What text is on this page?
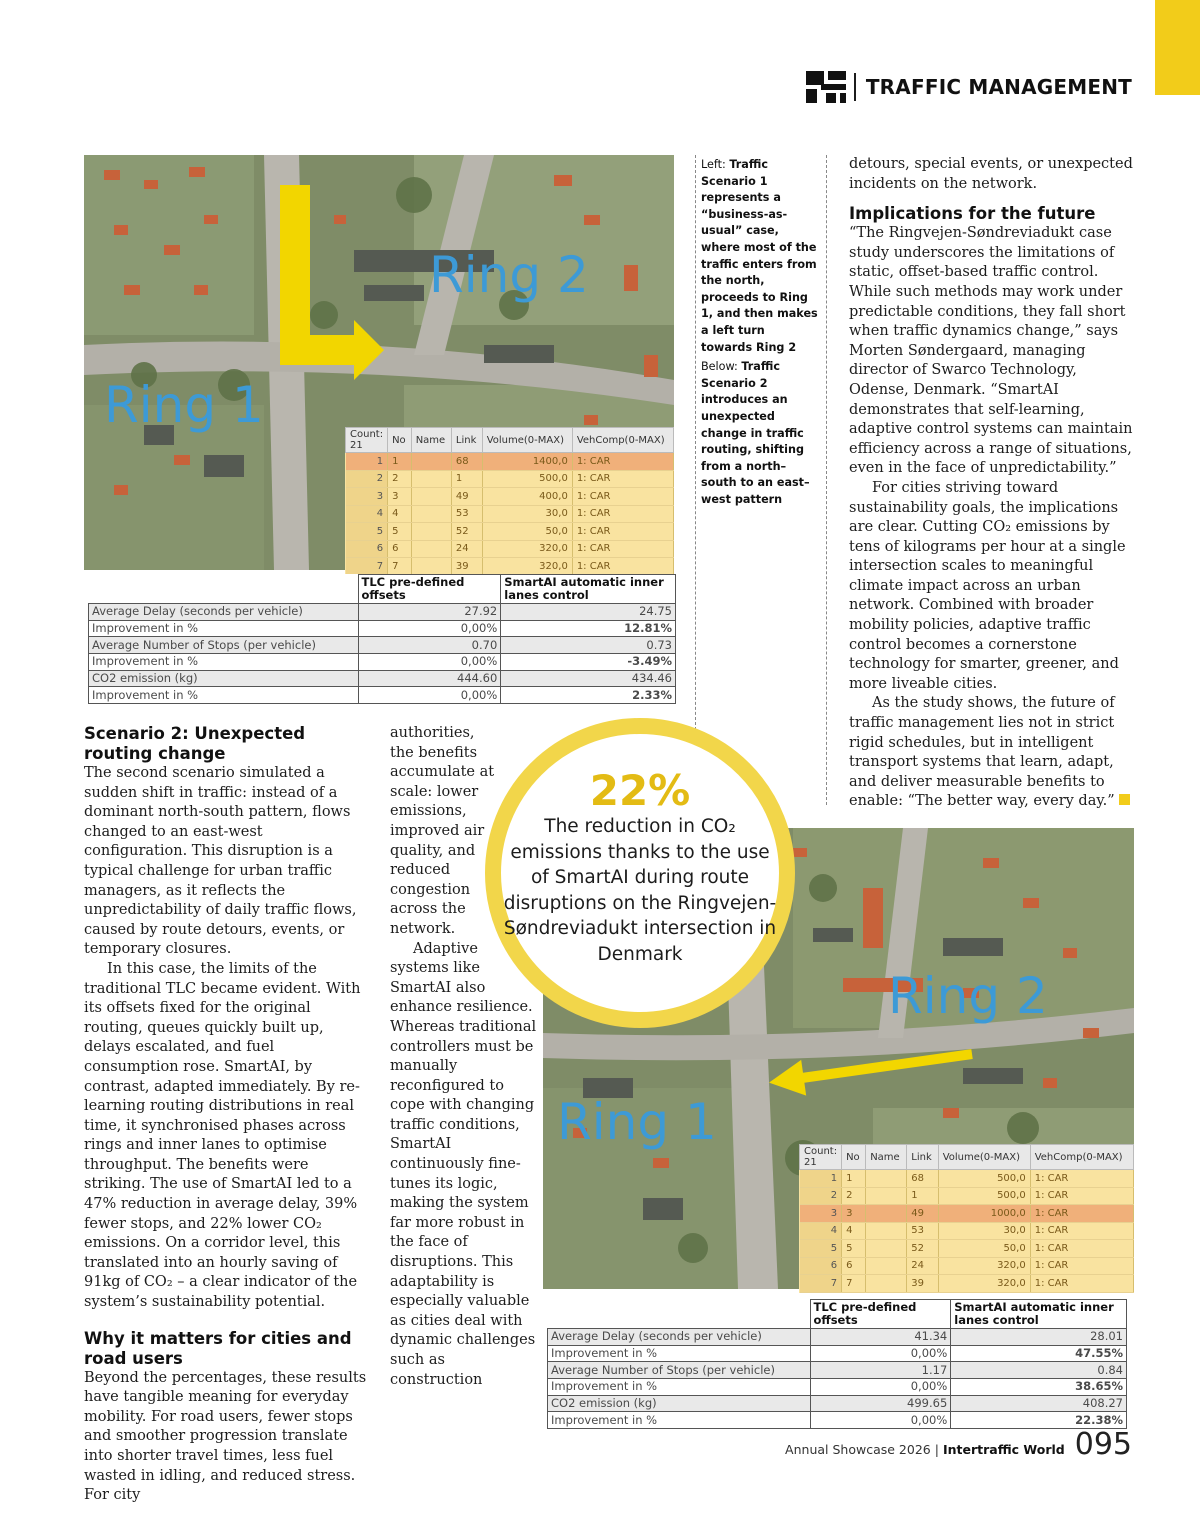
TRAFFIC MANAGEMENT
Ring 2
Ring 1
Count: 21	No	Name	Link	Volume(0-MAX)	VehComp(0-MAX)
1	1		68	1400,0	1: CAR
2	2		1	500,0	1: CAR
3	3		49	400,0	1: CAR
4	4		53	30,0	1: CAR
5	5		52	50,0	1: CAR
6	6		24	320,0	1: CAR
7	7		39	320,0	1: CAR
	TLC pre-defined offsets	SmartAI automatic inner lanes control
Average Delay (seconds per vehicle)	27.92	24.75
Improvement in %	0,00%	12.81%
Average Number of Stops (per vehicle)	0.70	0.73
Improvement in %	0,00%	-3.49%
CO2 emission (kg)	444.60	434.46
Improvement in %	0,00%	2.33%

Left: Traffic Scenario 1 represents a “business-as-usual” case, where most of the traffic enters from the north, proceeds to Ring 1, and then makes a left turn towards Ring 2

Below: Traffic Scenario 2 introduces an unexpected change in traffic routing, shifting from a north–south to an east–west pattern

Scenario 2: Unexpected routing change

The second scenario simulated a sudden shift in traffic: instead of a dominant north-south pattern, flows changed to an east-west configuration. This disruption is a typical challenge for urban traffic managers, as it reflects the unpredictability of daily traffic flows, caused by route detours, events, or temporary closures.

In this case, the limits of the traditional TLC became evident. With its offsets fixed for the original routing, queues quickly built up, delays escalated, and fuel consumption rose. SmartAI, by contrast, adapted immediately. By re-learning routing distributions in real time, it synchronised phases across rings and inner lanes to optimise throughput. The benefits were striking. The use of SmartAI led to a 47% reduction in average delay, 39% fewer stops, and 22% lower CO₂ emissions. On a corridor level, this translated into an hourly saving of 91kg of CO₂ – a clear indicator of the system’s sustainability potential.

Why it matters for cities and road users

Beyond the percentages, these results have tangible meaning for everyday mobility. For road users, fewer stops and smoother progression translate into shorter travel times, less fuel wasted in idling, and reduced stress. For city

authorities, the benefits accumulate at scale: lower emissions, improved air quality, and reduced congestion across the network.

Adaptive systems like SmartAI also enhance resilience. Whereas traditional controllers must be manually reconfigured to cope with changing traffic conditions, SmartAI continuously fine-tunes its logic, making the system far more robust in the face of disruptions. This adaptability is especially valuable as cities deal with dynamic challenges such as construction

detours, special events, or unexpected incidents on the network.

Implications for the future

“The Ringvejen-Søndreviadukt case study underscores the limitations of static, offset-based traffic control. While such methods may work under predictable conditions, they fall short when traffic dynamics change,” says Morten Søndergaard, managing director of Swarco Technology, Odense, Denmark. “SmartAI demonstrates that self-learning, adaptive control systems can maintain efficiency across a range of situations, even in the face of unpredictability.”

For cities striving toward sustainability goals, the implications are clear. Cutting CO₂ emissions by tens of kilograms per hour at a single intersection scales to meaningful climate impact across an urban network. Combined with broader mobility policies, adaptive traffic control becomes a cornerstone technology for smarter, greener, and more liveable cities.

As the study shows, the future of traffic management lies not in strict rigid schedules, but in intelligent transport systems that learn, adapt, and deliver measurable benefits to enable: “The better way, every day.”

Ring 2
Ring 1
Count: 21	No	Name	Link	Volume(0-MAX)	VehComp(0-MAX)
1	1		68	500,0	1: CAR
2	2		1	500,0	1: CAR
3	3		49	1000,0	1: CAR
4	4		53	30,0	1: CAR
5	5		52	50,0	1: CAR
6	6		24	320,0	1: CAR
7	7		39	320,0	1: CAR
	TLC pre-defined offsets	SmartAI automatic inner lanes control
Average Delay (seconds per vehicle)	41.34	28.01
Improvement in %	0,00%	47.55%
Average Number of Stops (per vehicle)	1.17	0.84
Improvement in %	0,00%	38.65%
CO2 emission (kg)	499.65	408.27
Improvement in %	0,00%	22.38%
22%
The reduction in CO₂ emissions thanks to the use of SmartAI during route disruptions on the Ringvejen-Søndreviadukt intersection in Denmark
Annual Showcase 2026 | Intertraffic World 095
